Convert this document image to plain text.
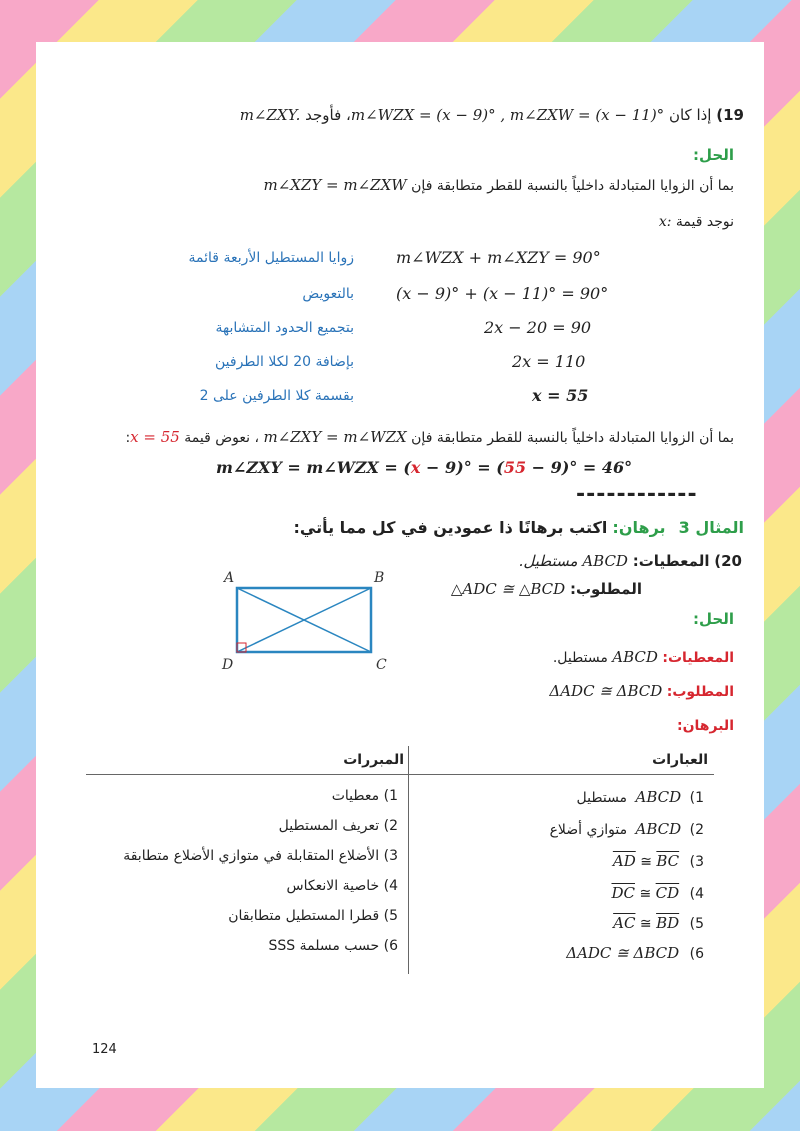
19) إذا كان m∠WZX = (x − 9)° , m∠ZXW = (x − 11)°، فأوجد m∠ZXY.
الحل:
بما أن الزوايا المتبادلة داخلياً بالنسبة للقطر متطابقة فإن m∠XZY = m∠ZXW
نوجد قيمة x:
m∠WZX + m∠XZY = 90°
زوايا المستطيل الأربعة قائمة
(x − 9)° + (x − 11)° = 90°
بالتعويض
2x − 20 = 90
بتجميع الحدود المتشابهة
2x = 110
بإضافة 20 لكلا الطرفين
x = 55
بقسمة كلا الطرفين على 2
بما أن الزوايا المتبادلة داخلياً بالنسبة للقطر متطابقة فإن m∠ZXY = m∠WZX ، نعوض قيمة x = 55:
m∠ZXY = m∠WZX = (x − 9)° = (55 − 9)° = 46°
------------
المثال 3 برهان: اكتب برهانًا ذا عمودين في كل مما يأتي:
20) المعطيات: ABCD مستطيل.
المطلوب: △ADC ≅ △BCD
A	B
C
D
الحل:
المعطيات: ABCD مستطيل.
المطلوب: ΔADC ≅ ΔBCD
البرهان:
العبارات
المبررات
1) ABCD مستطيل
1) معطيات
2) ABCD متوازي أضلاع
2) تعريف المستطيل
3) $\overline{AD}$ ≅ $\overline{BC}$
3) الأضلاع المتقابلة في متوازي الأضلاع متطابقة
4) $\overline{DC}$ ≅ $\overline{CD}$
4) خاصية الانعكاس
5) $\overline{AC}$ ≅ $\overline{BD}$
5) قطرا المستطيل متطابقان
6) ΔADC ≅ ΔBCD
6) حسب مسلمة SSS
124
